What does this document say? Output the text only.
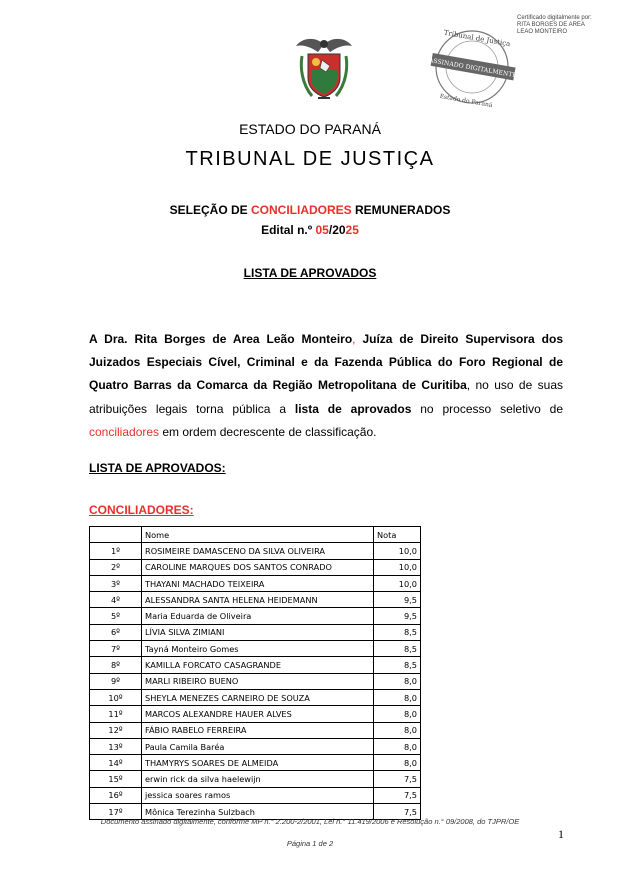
Certificado digitalmente por:
RITA BORGES DE AREA
LEAO MONTEIRO
Tribunal de Justiça
ASSINADO DIGITALMENTE
Estado do Paraná
ESTADO DO PARANÁ
TRIBUNAL DE JUSTIÇA
SELEÇÃO DE CONCILIADORES REMUNERADOS
Edital n.º 05/2025
LISTA DE APROVADOS
A Dra. Rita Borges de Area Leão Monteiro, Juíza de Direito Supervisora dos Juizados Especiais Cível, Criminal e da Fazenda Pública do Foro Regional de Quatro Barras da Comarca da Região Metropolitana de Curitiba, no uso de suas atribuições legais torna pública a lista de aprovados no processo seletivo de conciliadores em ordem decrescente de classificação.
LISTA DE APROVADOS:
CONCILIADORES:
	Nome	Nota
1º	ROSIMEIRE DAMASCENO DA SILVA OLIVEIRA	10,0
2º	CAROLINE MARQUES DOS SANTOS CONRADO	10,0
3º	THAYANI MACHADO TEIXEIRA	10,0
4º	ALESSANDRA SANTA HELENA HEIDEMANN	9,5
5º	Maria Eduarda de Oliveira	9,5
6º	LÍVIA SILVA ZIMIANI	8,5
7º	Tayná Monteiro Gomes	8,5
8º	KAMILLA FORCATO CASAGRANDE	8,5
9º	MARLI RIBEIRO BUENO	8,0
10º	SHEYLA MENEZES CARNEIRO DE SOUZA	8,0
11º	MARCOS ALEXANDRE HAUER ALVES	8,0
12º	FÁBIO RABELO FERREIRA	8,0
13º	Paula Camila Baréa	8,0
14º	THAMYRYS SOARES DE ALMEIDA	8,0
15º	erwin rick da silva haelewijn	7,5
16º	jessica soares ramos	7,5
17º	Mônica Terezinha Sulzbach	7,5
Documento assinado digitalmente, conforme MP n.° 2.200-2/2001, Lei n.° 11.419/2006 e Resolução n.° 09/2008, do TJPR/OE
1
Página 1 de 2
